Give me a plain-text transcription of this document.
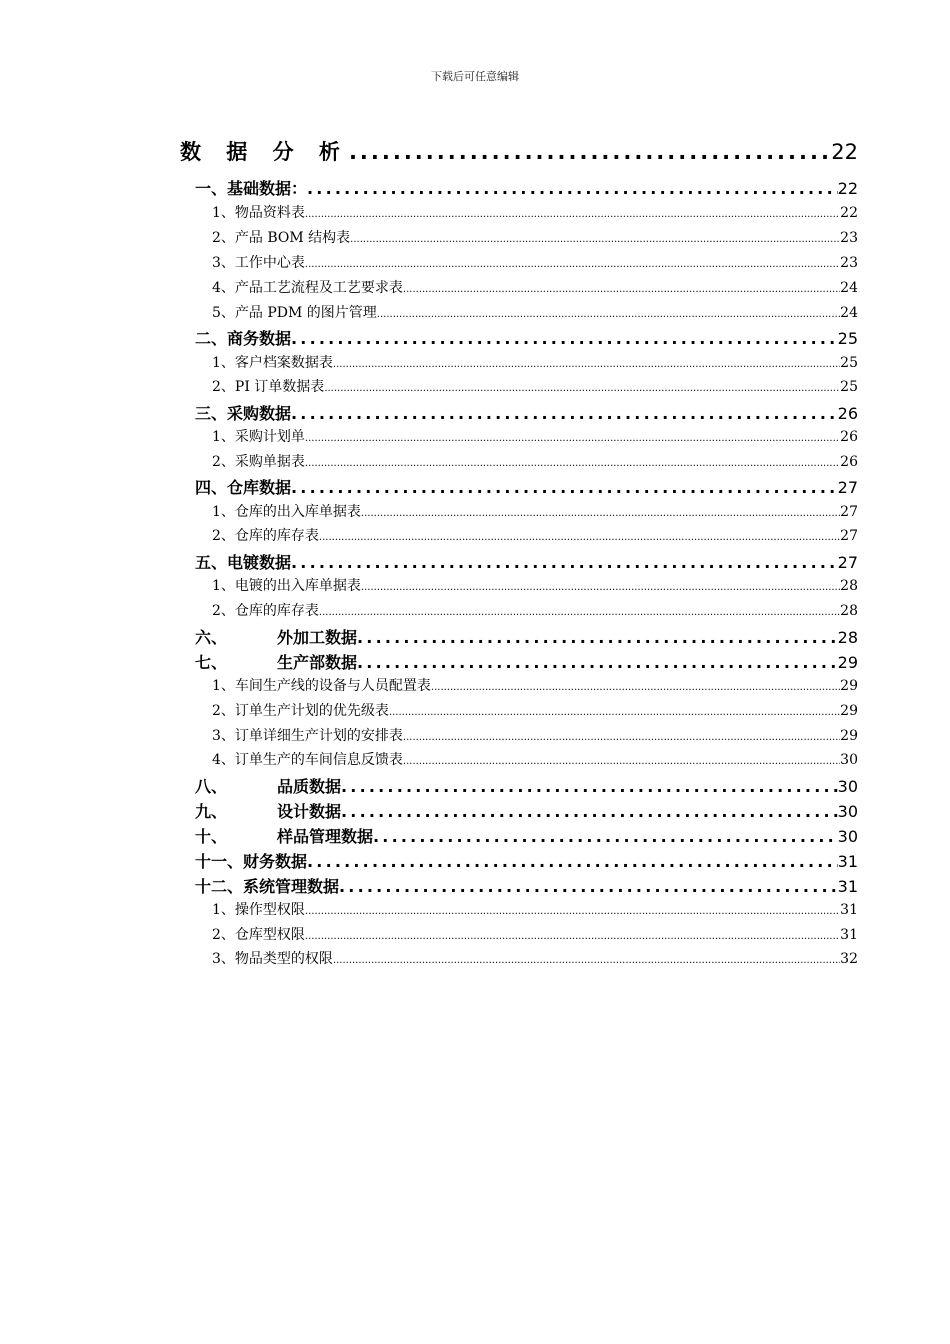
下载后可任意编辑
数 据 分 析 .....	22
一、基础数据： .....	22
1、物品资料表 .....	22
2、产品 BOM 结构表 .....	23
3、工作中心表 .....	23
4、产品工艺流程及工艺要求表 .....	24
5、产品 PDM 的图片管理 .....	24
二、商务数据 .....	25
1、客户档案数据表 .....	25
2、PI 订单数据表 .....	25
三、采购数据 .....	26
1、采购计划单 .....	26
2、采购单据表 .....	26
四、仓库数据 .....	27
1、仓库的出入库单据表 .....	27
2、仓库的库存表 .....	27
五、电镀数据 .....	27
1、电镀的出入库单据表 .....	28
2、仓库的库存表 .....	28
六、	外加工数据 .....	28
七、	生产部数据 .....	29
1、车间生产线的设备与人员配置表 .....	29
2、订单生产计划的优先级表 .....	29
3、订单详细生产计划的安排表 .....	29
4、订单生产的车间信息反馈表 .....	30
八、	品质数据 .....	30
九、	设计数据 .....	30
十、	样品管理数据 .....	30
十一、财务数据 .....	31
十二、系统管理数据 .....	31
1、操作型权限 .....	31
2、仓库型权限 .....	31
3、物品类型的权限 .....	32
